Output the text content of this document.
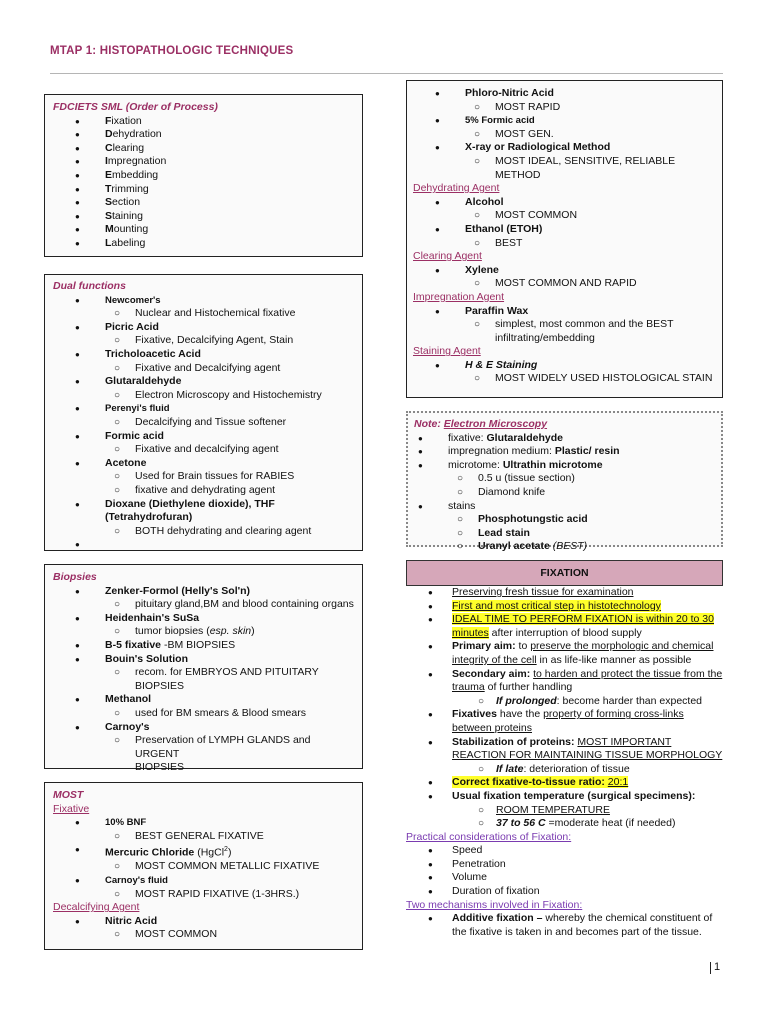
MTAP 1: HISTOPATHOLOGIC TECHNIQUES
FDCIETS SML (Order of Process)
● Fixation
● Dehydration
● Clearing
● Impregnation
● Embedding
● Trimming
● Section
● Staining
● Mounting
● Labeling
Dual functions
● Newcomer's
○ Nuclear and Histochemical fixative
● Picric Acid
○ Fixative, Decalcifying Agent, Stain
● Tricholoacetic Acid
○ Fixative and Decalcifying agent
● Glutaraldehyde
○ Electron Microscopy and Histochemistry
● Perenyi's fluid
○ Decalcifying and Tissue softener
● Formic acid
○ Fixative and decalcifying agent
● Acetone
○ Used for Brain tissues for RABIES
○ fixative and dehydrating agent
● Dioxane (Diethylene dioxide), THF (Tetrahydrofuran)
○ BOTH dehydrating and clearing agent
●
Biopsies
● Zenker-Formol (Helly's Sol'n)
○ pituitary gland,BM and blood containing organs
● Heidenhain's SuSa
○ tumor biopsies (esp. skin)
● B-5 fixative -BM BIOPSIES
● Bouin's Solution
○ recom. for EMBRYOS AND PITUITARY
BIOPSIES
● Methanol
○ used for BM smears & Blood smears
● Carnoy's
○ Preservation of LYMPH GLANDS and URGENT
BIOPSIES
MOST
Fixative
● 10% BNF
○ BEST GENERAL FIXATIVE
● Mercuric Chloride (HgCl$^2$)
○ MOST COMMON METALLIC FIXATIVE
● Carnoy's fluid
○ MOST RAPID FIXATIVE (1-3HRS.)
Decalcifying Agent
● Nitric Acid
○ MOST COMMON
● Phloro-Nitric Acid
○ MOST RAPID
● 5% Formic acid
○ MOST GEN.
● X-ray or Radiological Method
○ MOST IDEAL, SENSITIVE, RELIABLE
METHOD
Dehydrating Agent
● Alcohol
○ MOST COMMON
● Ethanol (ETOH)
○ BEST
Clearing Agent
● Xylene
○ MOST COMMON AND RAPID
Impregnation Agent
● Paraffin Wax
○ simplest, most common and the BEST
infiltrating/embedding
Staining Agent
● H & E Staining
○ MOST WIDELY USED HISTOLOGICAL STAIN
Note: Electron Microscopy
● fixative: Glutaraldehyde
● impregnation medium: Plastic/ resin
● microtome: Ultrathin microtome
○ 0.5 u (tissue section)
○ Diamond knife
● stains
○ Phosphotungstic acid
○ Lead stain
○ Uranyl acetate (BEST)
FIXATION
● Preserving fresh tissue for examination
● First and most critical step in histotechnology
● IDEAL TIME TO PERFORM FIXATION is within 20 to 30 minutes after interruption of blood supply
● Primary aim: to preserve the morphologic and chemical integrity of the cell in as life-like manner as possible
● Secondary aim: to harden and protect the tissue from the trauma of further handling
○ If prolonged: become harder than expected
● Fixatives have the property of forming cross-links between proteins
● Stabilization of proteins: MOST IMPORTANT REACTION FOR MAINTAINING TISSUE MORPHOLOGY
○ If late: deterioration of tissue
● Correct fixative-to-tissue ratio: 20:1
● Usual fixation temperature (surgical specimens):
○ ROOM TEMPERATURE
○ 37 to 56 C =moderate heat (if needed)
Practical considerations of Fixation:
● Speed
● Penetration
● Volume
● Duration of fixation
Two mechanisms involved in Fixation:
● Additive fixation – whereby the chemical constituent of the fixative is taken in and becomes part of the tissue.
1
